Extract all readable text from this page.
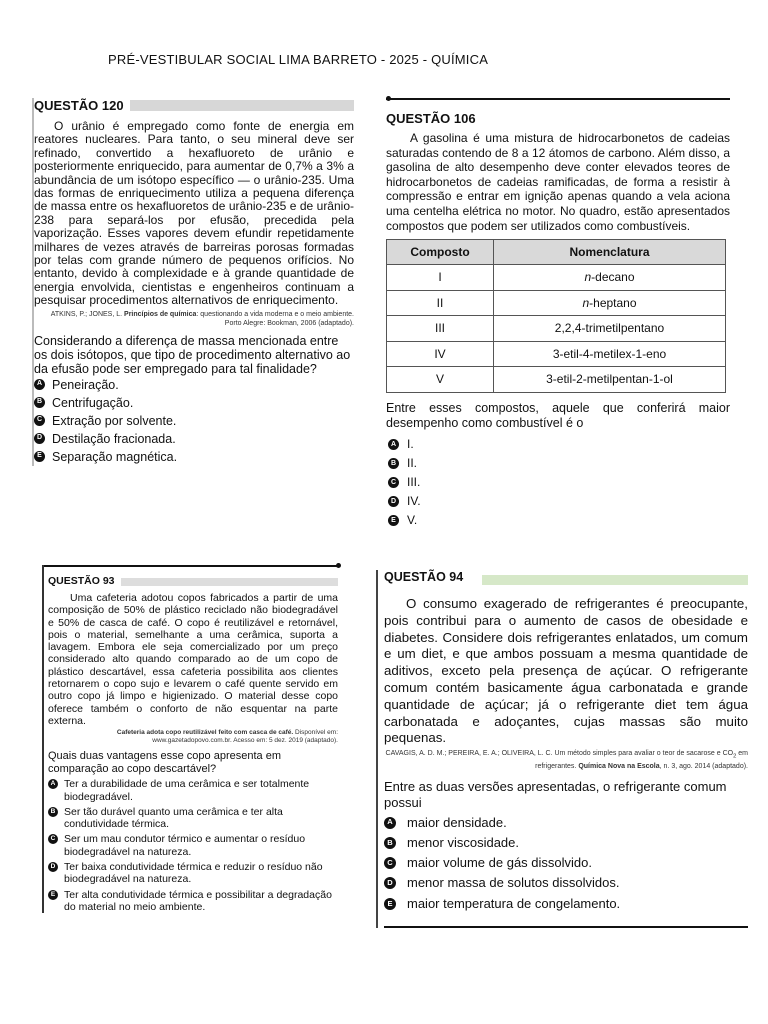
PRÉ-VESTIBULAR SOCIAL LIMA BARRETO - 2025 - QUÍMICA
QUESTÃO 120
O urânio é empregado como fonte de energia em reatores nucleares. Para tanto, o seu mineral deve ser refinado, convertido a hexafluoreto de urânio e posteriormente enriquecido, para aumentar de 0,7% a 3% a abundância de um isótopo específico — o urânio-235. Uma das formas de enriquecimento utiliza a pequena diferença de massa entre os hexafluoretos de urânio-235 e de urânio-238 para separá-los por efusão, precedida pela vaporização. Esses vapores devem efundir repetidamente milhares de vezes através de barreiras porosas formadas por telas com grande número de pequenos orifícios. No entanto, devido à complexidade e à grande quantidade de energia envolvida, cientistas e engenheiros continuam a pesquisar procedimentos alternativos de enriquecimento.
ATKINS, P.; JONES, L. Princípios de química: questionando a vida moderna e o meio ambiente. Porto Alegre: Bookman, 2006 (adaptado).
Considerando a diferença de massa mencionada entre os dois isótopos, que tipo de procedimento alternativo ao da efusão pode ser empregado para tal finalidade?
A Peneiração.
B Centrifugação.
C Extração por solvente.
D Destilação fracionada.
E Separação magnética.
QUESTÃO 106
A gasolina é uma mistura de hidrocarbonetos de cadeias saturadas contendo de 8 a 12 átomos de carbono. Além disso, a gasolina de alto desempenho deve conter elevados teores de hidrocarbonetos de cadeias ramificadas, de forma a resistir à compressão e entrar em ignição apenas quando a vela aciona uma centelha elétrica no motor. No quadro, estão apresentados compostos que podem ser utilizados como combustíveis.
Composto	Nomenclatura
I	n-decano
II	n-heptano
III	2,2,4-trimetilpentano
IV	3-etil-4-metilex-1-eno
V	3-etil-2-metilpentan-1-ol
Entre esses compostos, aquele que conferirá maior desempenho como combustível é o
A I.
B II.
C III.
D IV.
E V.
QUESTÃO 93
Uma cafeteria adotou copos fabricados a partir de uma composição de 50% de plástico reciclado não biodegradável e 50% de casca de café. O copo é reutilizável e retornável, pois o material, semelhante a uma cerâmica, suporta a lavagem. Embora ele seja comercializado por um preço considerado alto quando comparado ao de um copo de plástico descartável, essa cafeteria possibilita aos clientes retornarem o copo sujo e levarem o café quente servido em outro copo já limpo e higienizado. O material desse copo oferece também o conforto de não esquentar na parte externa.
Cafeteria adota copo reutilizável feito com casca de café. Disponível em: www.gazetadopovo.com.br. Acesso em: 5 dez. 2019 (adaptado).
Quais duas vantagens esse copo apresenta em comparação ao copo descartável?
A Ter a durabilidade de uma cerâmica e ser totalmente biodegradável.
B Ser tão durável quanto uma cerâmica e ter alta condutividade térmica.
C Ser um mau condutor térmico e aumentar o resíduo biodegradável na natureza.
D Ter baixa condutividade térmica e reduzir o resíduo não biodegradável na natureza.
E Ter alta condutividade térmica e possibilitar a degradação do material no meio ambiente.
QUESTÃO 94
O consumo exagerado de refrigerantes é preocupante, pois contribui para o aumento de casos de obesidade e diabetes. Considere dois refrigerantes enlatados, um comum e um diet, e que ambos possuam a mesma quantidade de aditivos, exceto pela presença de açúcar. O refrigerante comum contém basicamente água carbonatada e grande quantidade de açúcar; já o refrigerante diet tem água carbonatada e adoçantes, cujas massas são muito pequenas.
CAVAGIS, A. D. M.; PEREIRA, E. A.; OLIVEIRA, L. C. Um método simples para avaliar o teor de sacarose e $CO_2$ em refrigerantes. Química Nova na Escola, n. 3, ago. 2014 (adaptado).
Entre as duas versões apresentadas, o refrigerante comum possui
A maior densidade.
B menor viscosidade.
C maior volume de gás dissolvido.
D menor massa de solutos dissolvidos.
E maior temperatura de congelamento.
